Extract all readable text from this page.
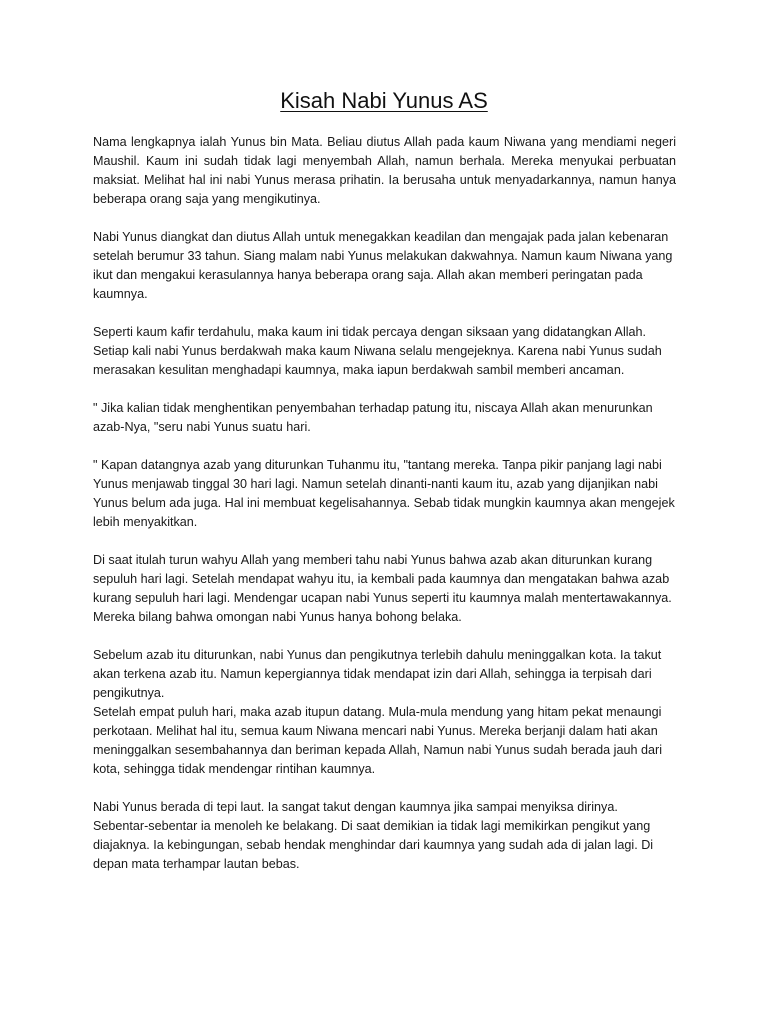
Kisah Nabi Yunus AS

Nama lengkapnya ialah Yunus bin Mata. Beliau diutus Allah pada kaum Niwana yang mendiami negeri Maushil. Kaum ini sudah tidak lagi menyembah Allah, namun berhala. Mereka menyukai perbuatan maksiat. Melihat hal ini nabi Yunus merasa prihatin. Ia berusaha untuk menyadarkannya, namun hanya beberapa orang saja yang mengikutinya.

Nabi Yunus diangkat dan diutus Allah untuk menegakkan keadilan dan mengajak pada jalan kebenaran setelah berumur 33 tahun. Siang malam nabi Yunus melakukan dakwahnya. Namun kaum Niwana yang ikut dan mengakui kerasulannya hanya beberapa orang saja. Allah akan memberi peringatan pada kaumnya.

Seperti kaum kafir terdahulu, maka kaum ini tidak percaya dengan siksaan yang didatangkan Allah. Setiap kali nabi Yunus berdakwah maka kaum Niwana selalu mengejeknya. Karena nabi Yunus sudah merasakan kesulitan menghadapi kaumnya, maka iapun berdakwah sambil memberi ancaman.

" Jika kalian tidak menghentikan penyembahan terhadap patung itu, niscaya Allah akan menurunkan azab-Nya, "seru nabi Yunus suatu hari.

" Kapan datangnya azab yang diturunkan Tuhanmu itu, "tantang mereka. Tanpa pikir panjang lagi nabi Yunus menjawab tinggal 30 hari lagi. Namun setelah dinanti-nanti kaum itu, azab yang dijanjikan nabi Yunus belum ada juga. Hal ini membuat kegelisahannya. Sebab tidak mungkin kaumnya akan mengejek lebih menyakitkan.

Di saat itulah turun wahyu Allah yang memberi tahu nabi Yunus bahwa azab akan diturunkan kurang sepuluh hari lagi. Setelah mendapat wahyu itu, ia kembali pada kaumnya dan mengatakan bahwa azab kurang sepuluh hari lagi. Mendengar ucapan nabi Yunus seperti itu kaumnya malah mentertawakannya. Mereka bilang bahwa omongan nabi Yunus hanya bohong belaka.

Sebelum azab itu diturunkan, nabi Yunus dan pengikutnya terlebih dahulu meninggalkan kota. Ia takut akan terkena azab itu. Namun kepergiannya tidak mendapat izin dari Allah, sehingga ia terpisah dari pengikutnya.

Setelah empat puluh hari, maka azab itupun datang. Mula-mula mendung yang hitam pekat menaungi perkotaan. Melihat hal itu, semua kaum Niwana mencari nabi Yunus. Mereka berjanji dalam hati akan meninggalkan sesembahannya dan beriman kepada Allah, Namun nabi Yunus sudah berada jauh dari kota, sehingga tidak mendengar rintihan kaumnya.

Nabi Yunus berada di tepi laut. Ia sangat takut dengan kaumnya jika sampai menyiksa dirinya. Sebentar-sebentar ia menoleh ke belakang. Di saat demikian ia tidak lagi memikirkan pengikut yang diajaknya. Ia kebingungan, sebab hendak menghindar dari kaumnya yang sudah ada di jalan lagi. Di depan mata terhampar lautan bebas.
